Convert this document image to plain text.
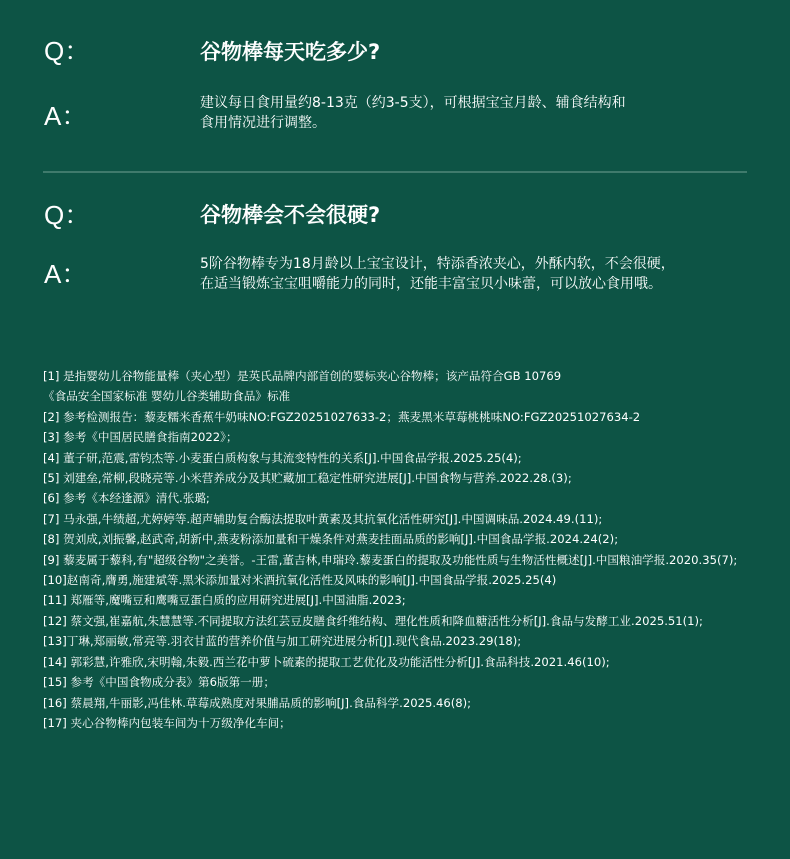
Q：	谷物棒每天吃多少?
A：	建议每日食用量约8-13克（约3-5支），可根据宝宝月龄、辅食结构和
食用情况进行调整。
Q：	谷物棒会不会很硬?
A：	5阶谷物棒专为18月龄以上宝宝设计，特添香浓夹心，外酥内软，不会很硬，
在适当锻炼宝宝咀嚼能力的同时，还能丰富宝贝小味蕾，可以放心食用哦。
[1] 是指婴幼儿谷物能量棒（夹心型）是英氏品牌内部首创的婴标夹心谷物棒；该产品符合GB 10769
《食品安全国家标准 婴幼儿谷类辅助食品》标准
[2] 参考检测报告：藜麦糯米香蕉牛奶味NO:FGZ20251027633-2；燕麦黑米草莓桃桃味NO:FGZ20251027634-2
[3] 参考《中国居民膳食指南2022》；
[4] 董子研,范震,雷钧杰等.小麦蛋白质构象与其流变特性的关系[J].中国食品学报.2025.25(4);
[5] 刘建垒,常柳,段晓亮等.小米营养成分及其贮藏加工稳定性研究进展[J].中国食物与营养.2022.28.(3);
[6] 参考《本经逢源》清代.张璐;
[7] 马永强,牛绩超,尤婷婷等.超声辅助复合酶法提取叶黄素及其抗氧化活性研究[J].中国调味品.2024.49.(11);
[8] 贺刘成,刘振馨,赵武奇,胡新中,燕麦粉添加量和干燥条件对燕麦挂面品质的影响[J].中国食品学报.2024.24(2);
[9] 藜麦属于藜科,有"超级谷物"之美誉。-王雷,董吉林,申瑞玲.藜麦蛋白的提取及功能性质与生物活性概述[J].中国粮油学报.2020.35(7);
[10]赵南奇,膺勇,施建斌等.黑米添加量对米酒抗氧化活性及风味的影响[J].中国食品学报.2025.25(4)
[11] 郑雁等,魔嘴豆和鹰嘴豆蛋白质的应用研究进展[J].中国油脂.2023;
[12] 蔡文强,崔嘉航,朱慧慧等.不同提取方法红芸豆皮膳食纤维结构、理化性质和降血糖活性分析[J].食品与发酵工业.2025.51(1);
[13]丁琳,郑丽敏,常亮等.羽衣甘蓝的营养价值与加工研究进展分析[J].现代食品.2023.29(18);
[14] 郭彩慧,许雅欣,宋明翰,朱毅.西兰花中萝卜硫素的提取工艺优化及功能活性分析[J].食品科技.2021.46(10);
[15] 参考《中国食物成分表》第6版第一册；
[16] 蔡晨翔,牛丽影,冯佳林.草莓成熟度对果脯品质的影响[J].食品科学.2025.46(8);
[17] 夹心谷物棒内包装车间为十万级净化车间；
